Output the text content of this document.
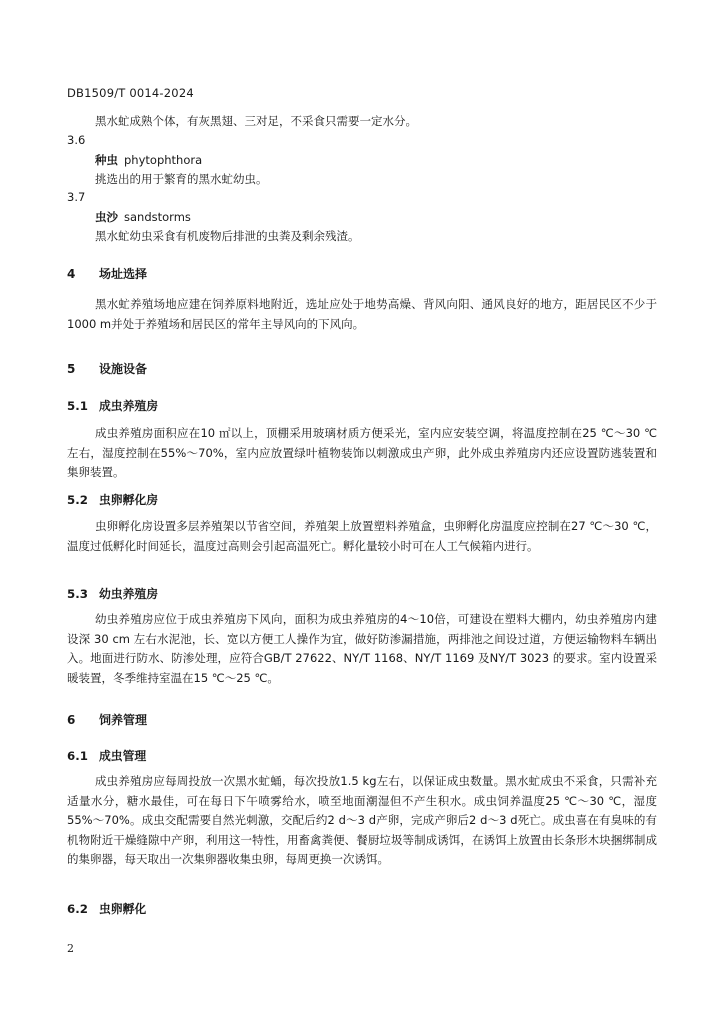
DB1509/T 0014-2024
黑水虻成熟个体，有灰黑翅、三对足，不采食只需要一定水分。
3.6
种虫 phytophthora
挑选出的用于繁育的黑水虻幼虫。
3.7
虫沙 sandstorms
黑水虻幼虫采食有机废物后排泄的虫粪及剩余残渣。
4 场址选择
黑水虻养殖场地应建在饲养原料地附近，选址应处于地势高燥、背风向阳、通风良好的地方，距居民区不少于1000 m并处于养殖场和居民区的常年主导风向的下风向。
5 设施设备
5.1 成虫养殖房
成虫养殖房面积应在10 ㎡以上，顶棚采用玻璃材质方便采光，室内应安装空调，将温度控制在25 ℃～30 ℃左右，湿度控制在55%～70%，室内应放置绿叶植物装饰以刺激成虫产卵，此外成虫养殖房内还应设置防逃装置和集卵装置。
5.2 虫卵孵化房
虫卵孵化房设置多层养殖架以节省空间，养殖架上放置塑料养殖盒，虫卵孵化房温度应控制在27 ℃～30 ℃，温度过低孵化时间延长，温度过高则会引起高温死亡。孵化量较小时可在人工气候箱内进行。
5.3 幼虫养殖房
幼虫养殖房应位于成虫养殖房下风向，面积为成虫养殖房的4～10倍，可建设在塑料大棚内，幼虫养殖房内建设深 30 cm 左右水泥池，长、宽以方便工人操作为宜，做好防渗漏措施，两排池之间设过道，方便运输物料车辆出入。地面进行防水、防渗处理，应符合GB/T 27622、NY/T 1168、NY/T 1169 及NY/T 3023 的要求。室内设置采暖装置，冬季维持室温在15 ℃～25 ℃。
6 饲养管理
6.1 成虫管理
成虫养殖房应每周投放一次黑水虻蛹，每次投放1.5 kg左右，以保证成虫数量。黑水虻成虫不采食，只需补充适量水分，糖水最佳，可在每日下午喷雾给水，喷至地面潮湿但不产生积水。成虫饲养温度25 ℃～30 ℃，湿度55%～70%。成虫交配需要自然光刺激，交配后约2 d～3 d产卵，完成产卵后2 d～3 d死亡。成虫喜在有臭味的有机物附近干燥缝隙中产卵，利用这一特性，用畜禽粪便、餐厨垃圾等制成诱饵，在诱饵上放置由长条形木块捆绑制成的集卵器，每天取出一次集卵器收集虫卵，每周更换一次诱饵。
6.2 虫卵孵化
2
